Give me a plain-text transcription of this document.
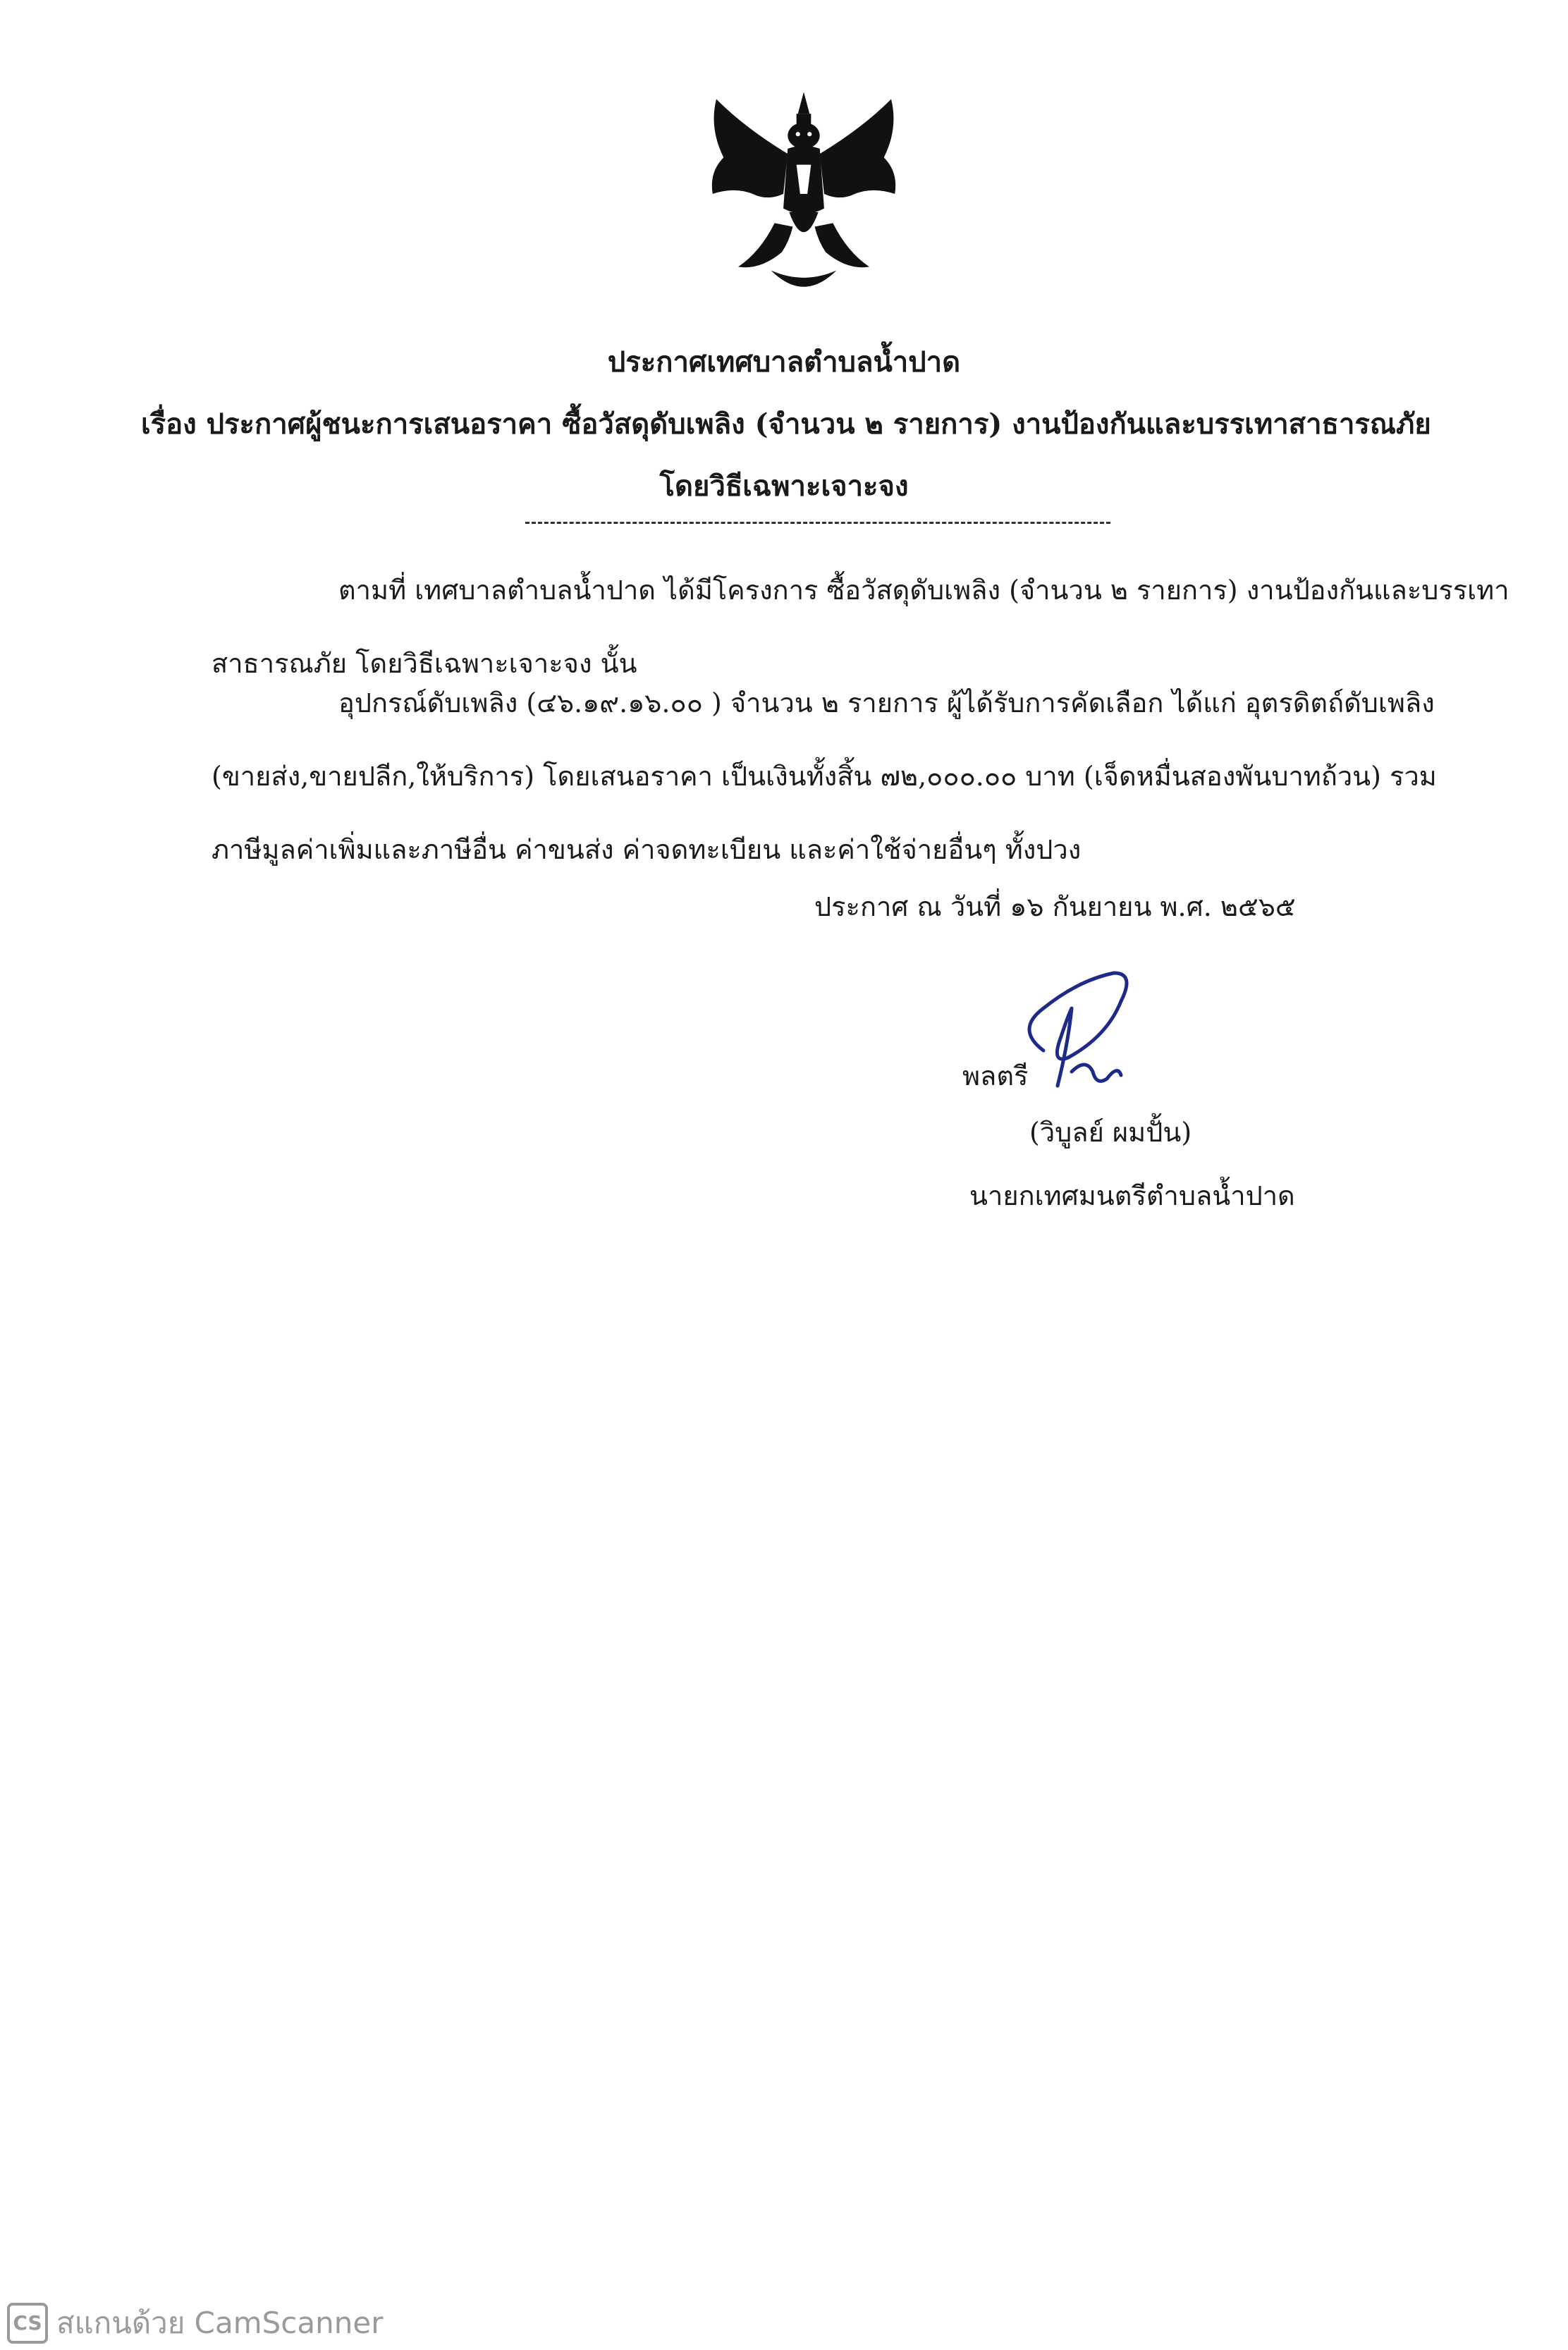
ประกาศเทศบาลตำบลน้ำปาด
เรื่อง ประกาศผู้ชนะการเสนอราคา ซื้อวัสดุดับเพลิง (จำนวน ๒ รายการ) งานป้องกันและบรรเทาสาธารณภัย
โดยวิธีเฉพาะเจาะจง
ตามที่ เทศบาลตำบลน้ำปาด ได้มีโครงการ ซื้อวัสดุดับเพลิง (จำนวน ๒ รายการ) งานป้องกันและบรรเทา
สาธารณภัย โดยวิธีเฉพาะเจาะจง นั้น
อุปกรณ์ดับเพลิง (๔๖.๑๙.๑๖.๐๐ ) จำนวน ๒ รายการ ผู้ได้รับการคัดเลือก ได้แก่ อุตรดิตถ์ดับเพลิง
(ขายส่ง,ขายปลีก,ให้บริการ) โดยเสนอราคา เป็นเงินทั้งสิ้น ๗๒,๐๐๐.๐๐ บาท (เจ็ดหมื่นสองพันบาทถ้วน) รวม
ภาษีมูลค่าเพิ่มและภาษีอื่น ค่าขนส่ง ค่าจดทะเบียน และค่าใช้จ่ายอื่นๆ ทั้งปวง
ประกาศ ณ วันที่ ๑๖ กันยายน พ.ศ. ๒๕๖๕
พลตรี
(วิบูลย์ ผมปั้น)
นายกเทศมนตรีตำบลน้ำปาด
CS สแกนด้วย CamScanner
